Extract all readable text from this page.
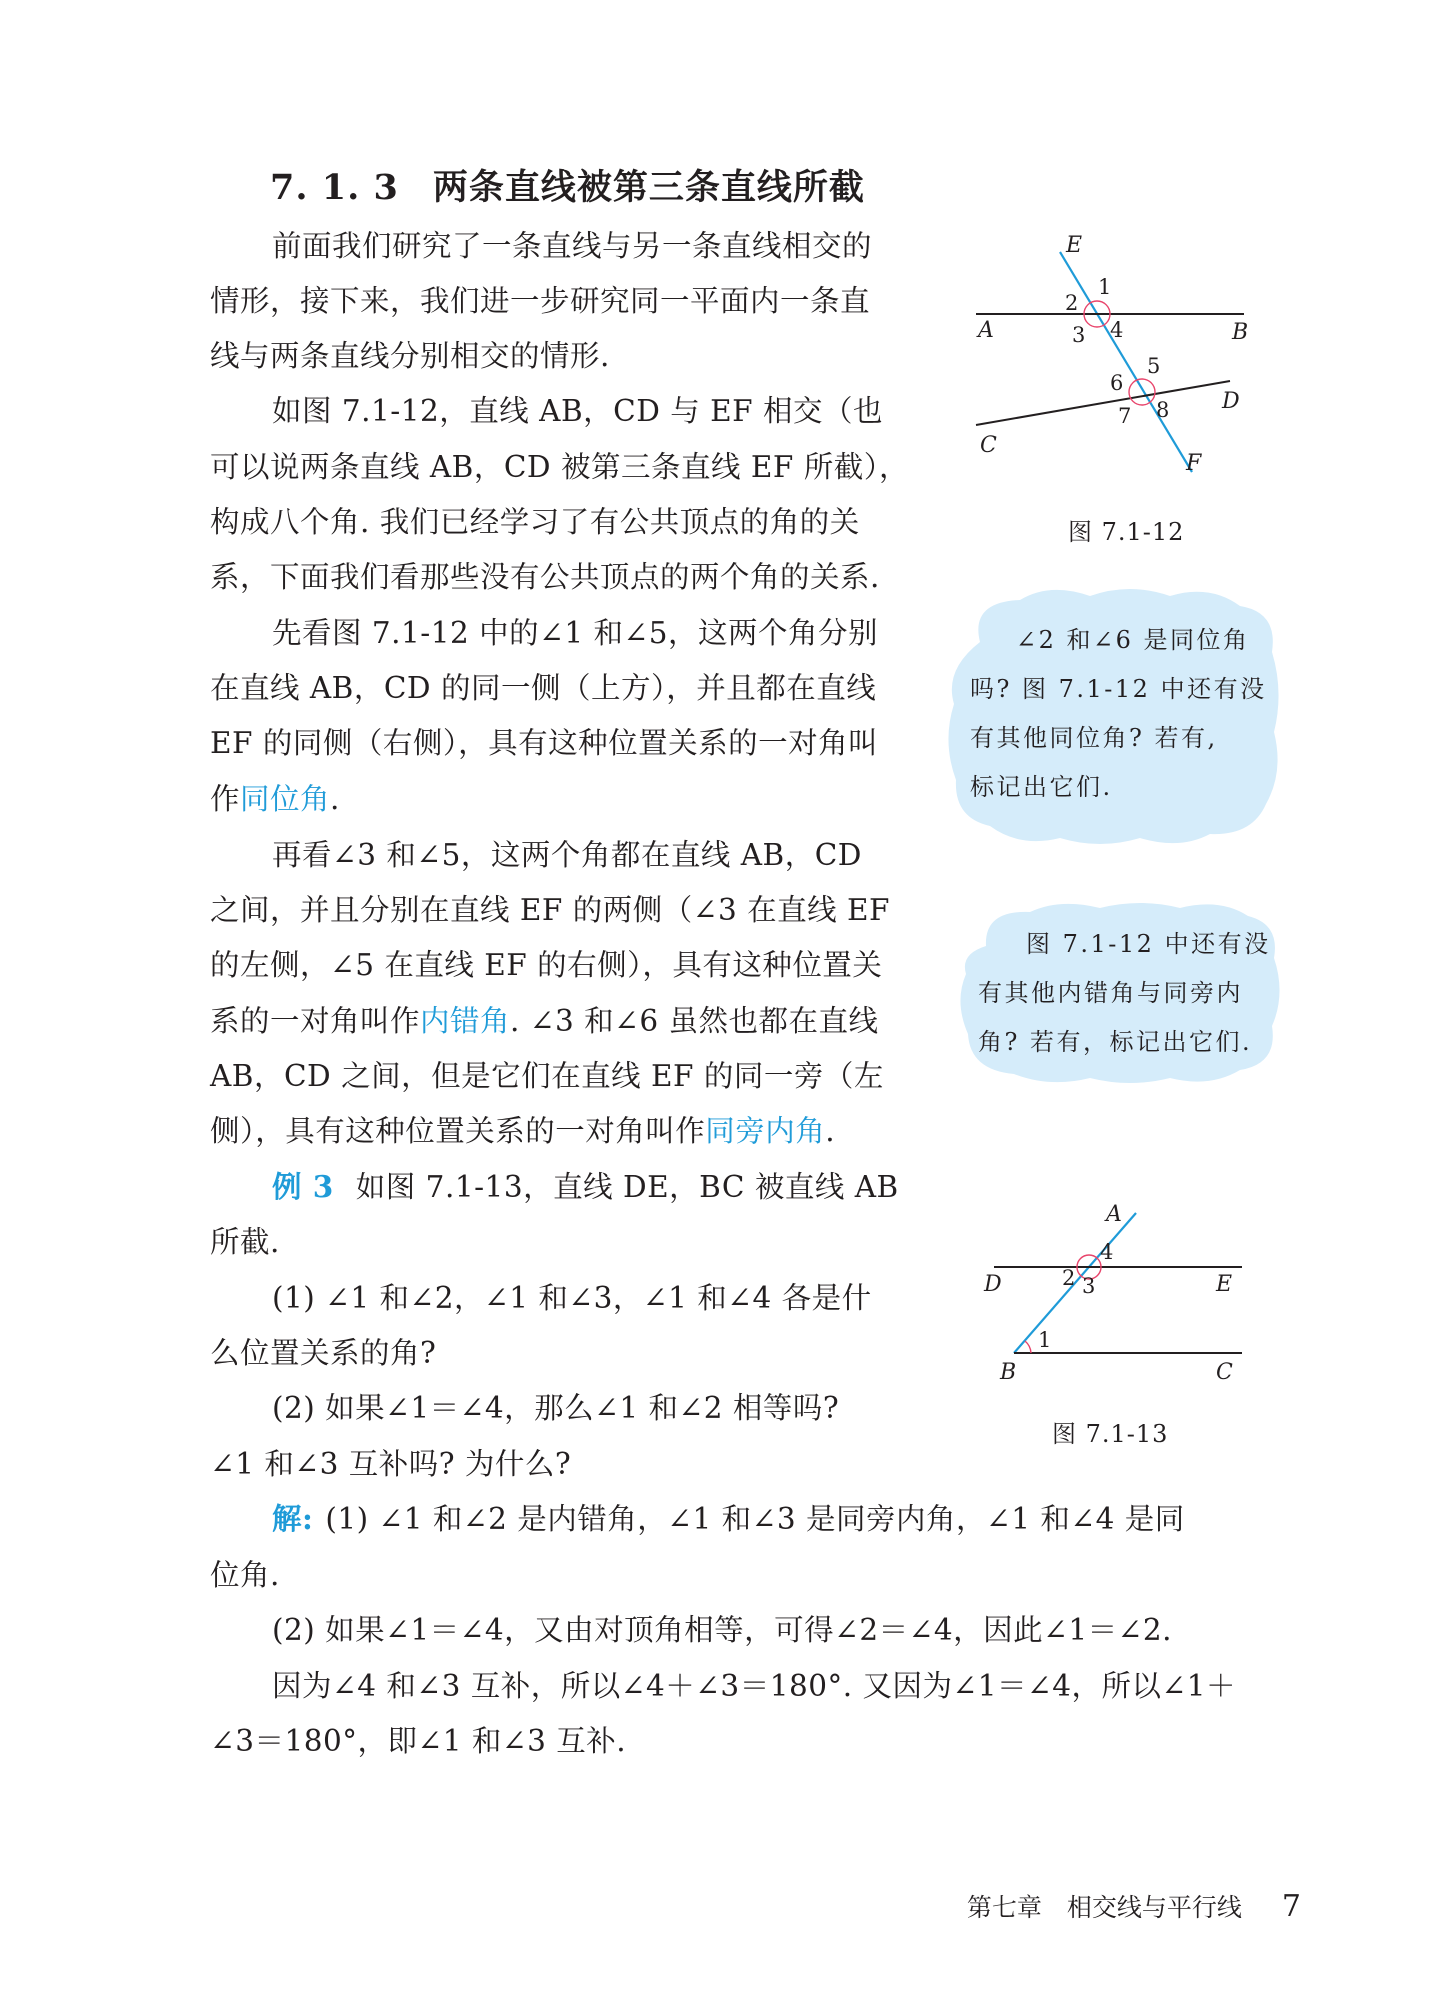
7. 1. 3 两条直线被第三条直线所截
前面我们研究了一条直线与另一条直线相交的
情形，接下来，我们进一步研究同一平面内一条直
线与两条直线分别相交的情形.
如图 7.1-12，直线 AB，CD 与 EF 相交（也
可以说两条直线 AB，CD 被第三条直线 EF 所截），
构成八个角. 我们已经学习了有公共顶点的角的关
系，下面我们看那些没有公共顶点的两个角的关系.
先看图 7.1-12 中的∠1 和∠5，这两个角分别
在直线 AB，CD 的同一侧（上方），并且都在直线
EF 的同侧（右侧），具有这种位置关系的一对角叫
作同位角.
再看∠3 和∠5，这两个角都在直线 AB，CD
之间，并且分别在直线 EF 的两侧（∠3 在直线 EF
的左侧，∠5 在直线 EF 的右侧），具有这种位置关
系的一对角叫作内错角. ∠3 和∠6 虽然也都在直线
AB，CD 之间，但是它们在直线 EF 的同一旁（左
侧），具有这种位置关系的一对角叫作同旁内角.
例 3 如图 7.1-13，直线 DE，BC 被直线 AB
所截.
(1) ∠1 和∠2，∠1 和∠3，∠1 和∠4 各是什
么位置关系的角?
(2) 如果∠1＝∠4，那么∠1 和∠2 相等吗?
∠1 和∠3 互补吗? 为什么?
解: (1) ∠1 和∠2 是内错角，∠1 和∠3 是同旁内角，∠1 和∠4 是同
位角.
(2) 如果∠1＝∠4，又由对顶角相等，可得∠2＝∠4，因此∠1＝∠2.
因为∠4 和∠3 互补，所以∠4＋∠3＝180°. 又因为∠1＝∠4，所以∠1＋
∠3＝180°，即∠1 和∠3 互补.
E
A	B
C
D
F
1
2
3 4
5
6
7 8
图 7.1-12
∠2 和∠6 是同位角
吗? 图 7.1-12 中还有没
有其他同位角? 若有,
标记出它们.
图 7.1-12 中还有没
有其他内错角与同旁内
角? 若有，标记出它们.
A
D	E
B	C
1
2 3
4
图 7.1-13
第七章　相交线与平行线 7
